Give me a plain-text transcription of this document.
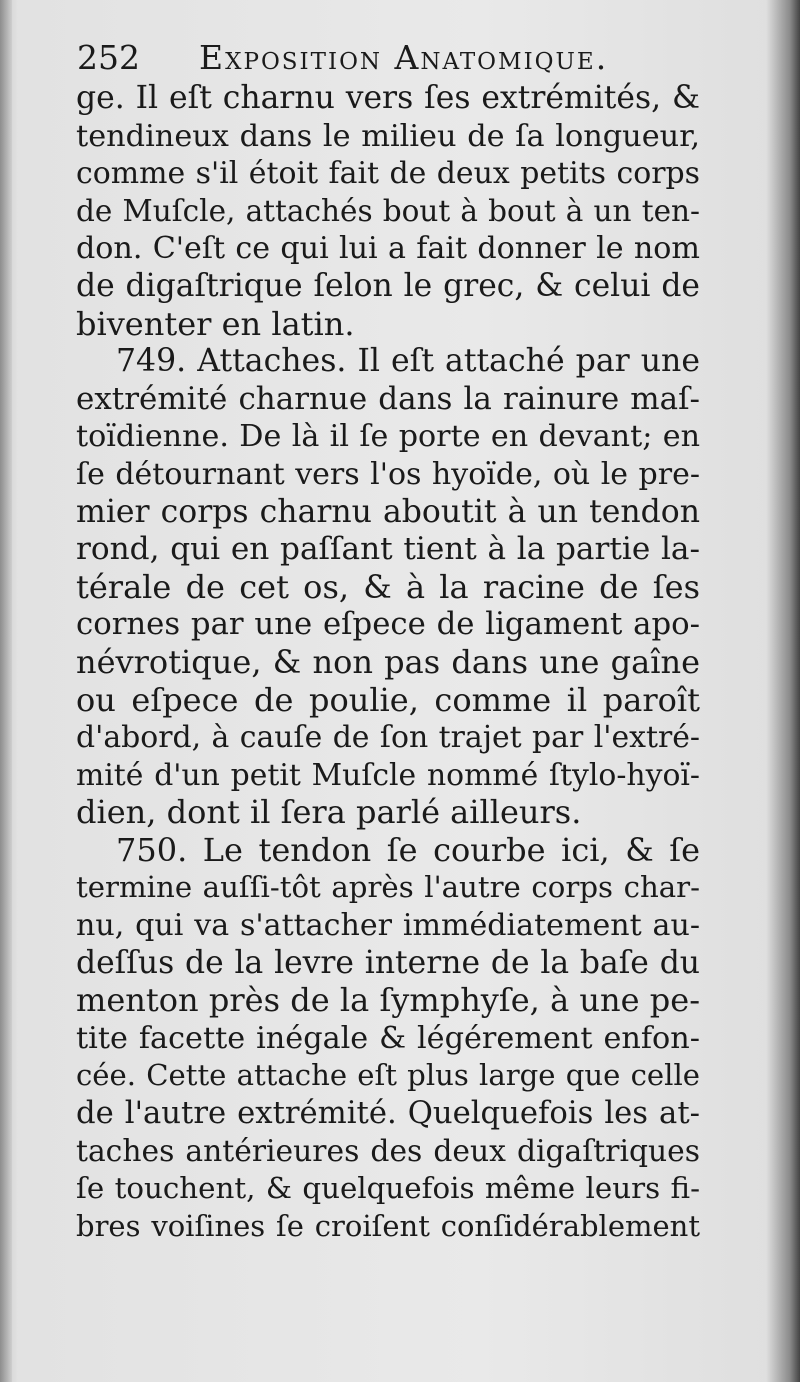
252 Exposition Anatomique.
ge. Il eſt charnu vers ſes extrémités, &
tendineux dans le milieu de ſa longueur,
comme s'il étoit fait de deux petits corps
de Muſcle, attachés bout à bout à un ten-
don. C'eſt ce qui lui a fait donner le nom
de digaſtrique ſelon le grec, & celui de
biventer en latin.
749. Attaches. Il eſt attaché par une
extrémité charnue dans la rainure maſ-
toïdienne. De là il ſe porte en devant; en
ſe détournant vers l'os hyoïde, où le pre-
mier corps charnu aboutit à un tendon
rond, qui en paſſant tient à la partie la-
térale de cet os, & à la racine de ſes
cornes par une eſpece de ligament apo-
névrotique, & non pas dans une gaîne
ou eſpece de poulie, comme il paroît
d'abord, à cauſe de ſon trajet par l'extré-
mité d'un petit Muſcle nommé ſtylo-hyoï-
dien, dont il ſera parlé ailleurs.
750. Le tendon ſe courbe ici, & ſe
termine auſſi-tôt après l'autre corps char-
nu, qui va s'attacher immédiatement au-
deſſus de la levre interne de la baſe du
menton près de la ſymphyſe, à une pe-
tite facette inégale & légérement enfon-
cée. Cette attache eſt plus large que celle
de l'autre extrémité. Quelquefois les at-
taches antérieures des deux digaſtriques
ſe touchent, & quelquefois même leurs fi-
bres voiſines ſe croiſent conſidérablement
